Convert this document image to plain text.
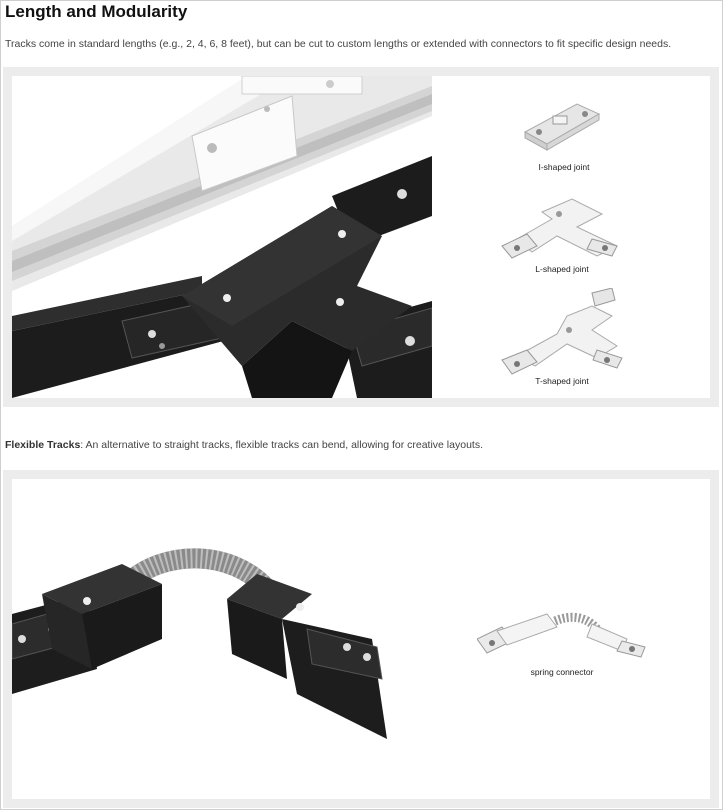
Length and Modularity
Tracks come in standard lengths (e.g., 2, 4, 6, 8 feet), but can be cut to custom lengths or extended with connectors to fit specific design needs.
I-shaped joint
L-shaped joint
T-shaped joint
Flexible Tracks: An alternative to straight tracks, flexible tracks can bend, allowing for creative layouts.
spring connector
